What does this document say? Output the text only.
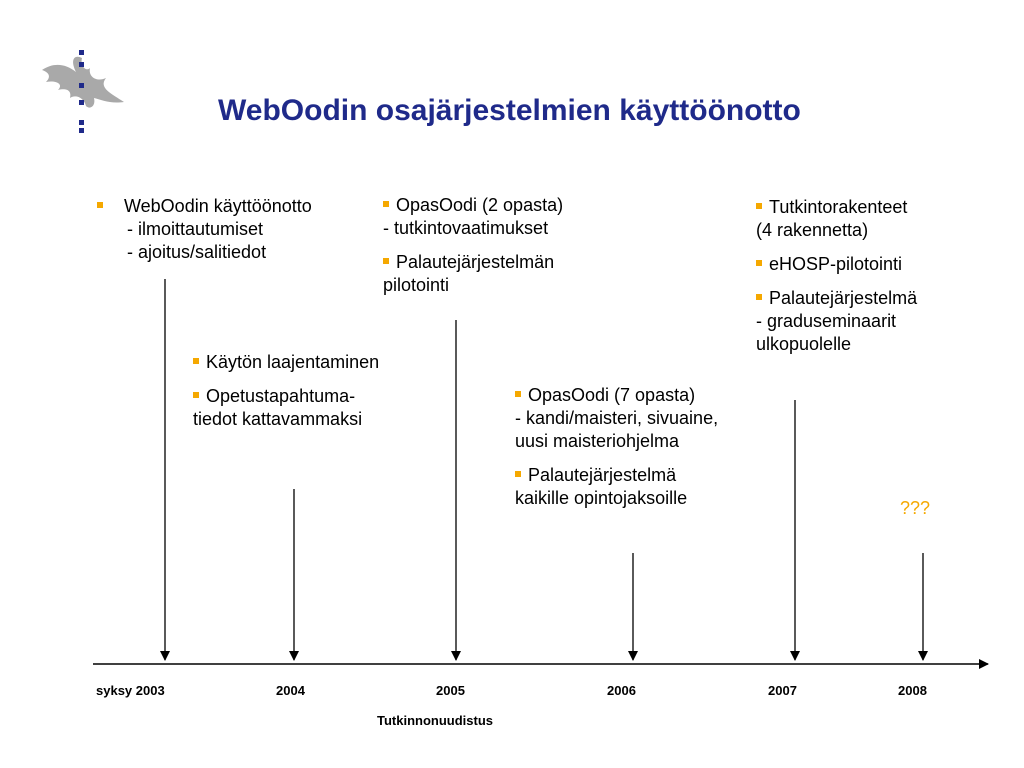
WebOodin osajärjestelmien käyttöönotto
WebOodin käyttöönotto
- ilmoittautumiset
- ajoitus/salitiedot
Käytön laajentaminen
Opetustapahtuma-
tiedot kattavammaksi
OpasOodi (2 opasta)
- tutkintovaatimukset
Palautejärjestelmän
pilotointi
OpasOodi (7 opasta)
- kandi/maisteri, sivuaine,
uusi maisteriohjelma
Palautejärjestelmä
kaikille opintojaksoille
Tutkintorakenteet
(4 rakennetta)
eHOSP-pilotointi
Palautejärjestelmä
- graduseminaarit
ulkopuolelle
???
syksy 2003	2004	2005	2006	2007	2008
Tutkinnonuudistus
